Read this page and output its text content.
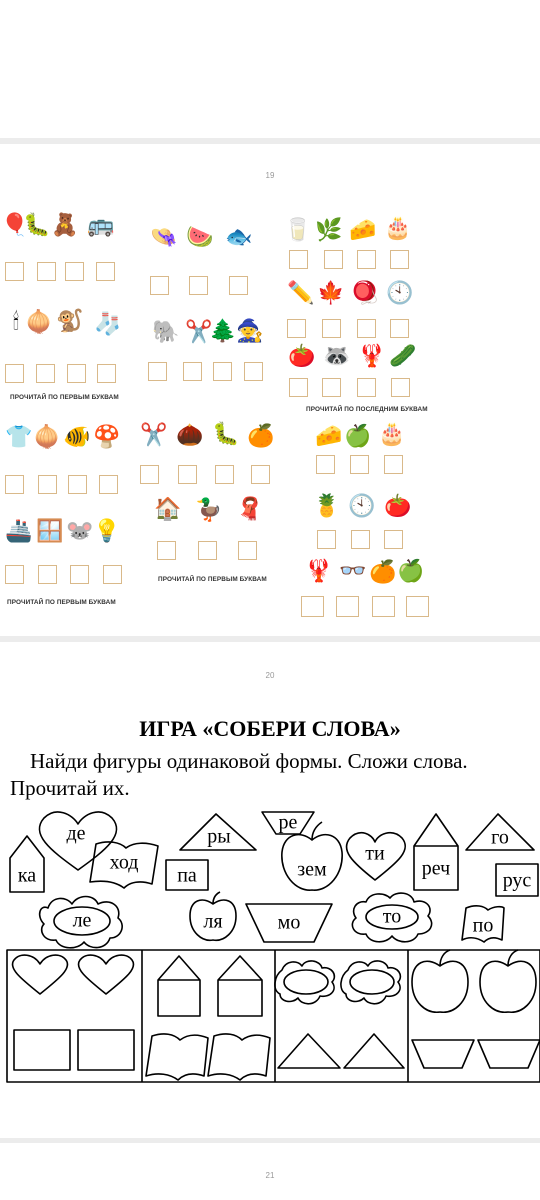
19
🎈
🐛 🧸 🚌
🕯 🧅 🐒 🧦
ПРОЧИТАЙ ПО ПЕРВЫМ БУКВАМ
👕 🧅 🐠 🍄
🚢 🪟 🐭 💡
ПРОЧИТАЙ ПО ПЕРВЫМ БУКВАМ
👒 🍉 🐟
🐘 ✂️
🌲 🧙
✂️ 🌰 🐛 🍊
🏠 🦆 🧣
ПРОЧИТАЙ ПО ПЕРВЫМ БУКВАМ
🥛 🌿 🧀 🎂
✏️ 🍁 🪀 🕙
🍅 🦝 🦞 🥒
ПРОЧИТАЙ ПО ПОСЛЕДНИМ БУКВАМ
🧀 🍏 🎂
🍍 🕙 🍅
🦞 👓 🍊 🍏
20
ИГРА «СОБЕРИ СЛОВА»
Найди фигуры одинаковой формы. Сложи слова. Прочитай их.
ка
де
ход
ры
ре
па	зем
ти
реч
го
рус
ле	ля	мо	то	по
21
